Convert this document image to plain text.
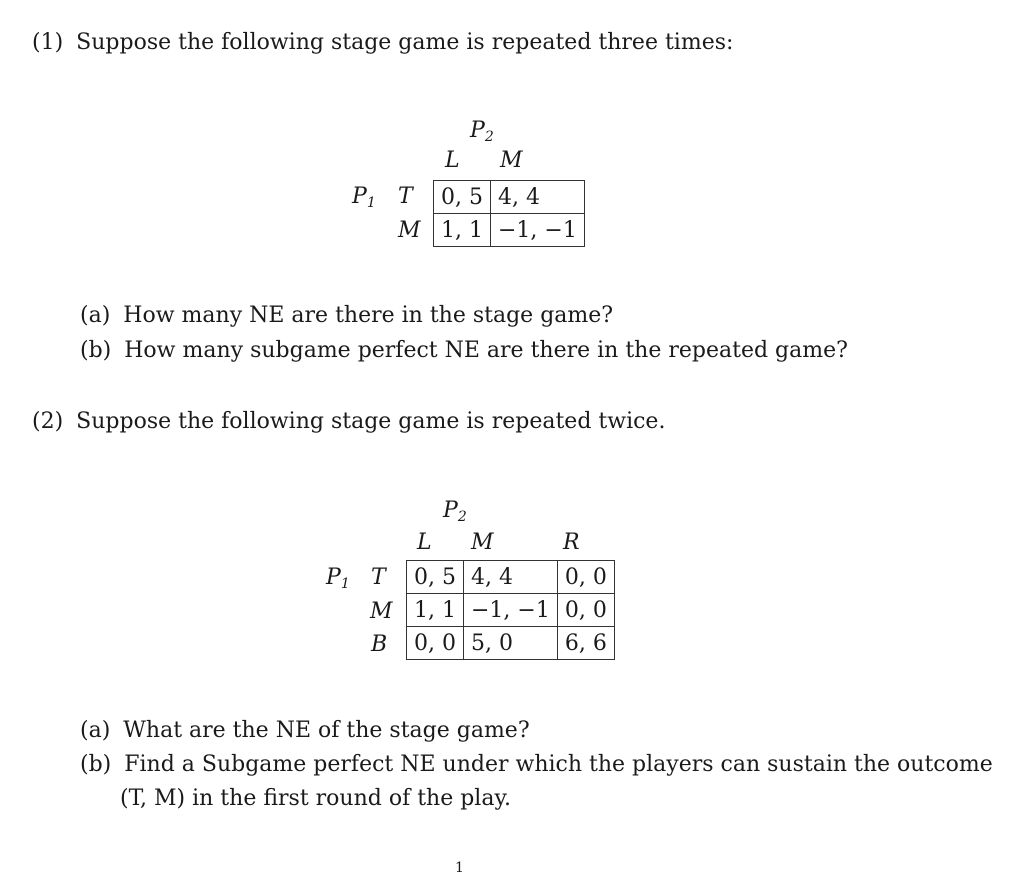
(1) Suppose the following stage game is repeated three times:
$P_2$
L M
$P_1$ T
M
0, 5	4, 4
1, 1	−1, −1
(a) How many NE are there in the stage game?
(b) How many subgame perfect NE are there in the repeated game?
(2) Suppose the following stage game is repeated twice.
$P_2$
L M	R
$P_1$ T
M
B
0, 5	4, 4	0, 0
1, 1	−1, −1	0, 0
0, 0	5, 0	6, 6
(a) What are the NE of the stage game?
(b) Find a Subgame perfect NE under which the players can sustain the outcome
(T, M) in the first round of the play.
1
